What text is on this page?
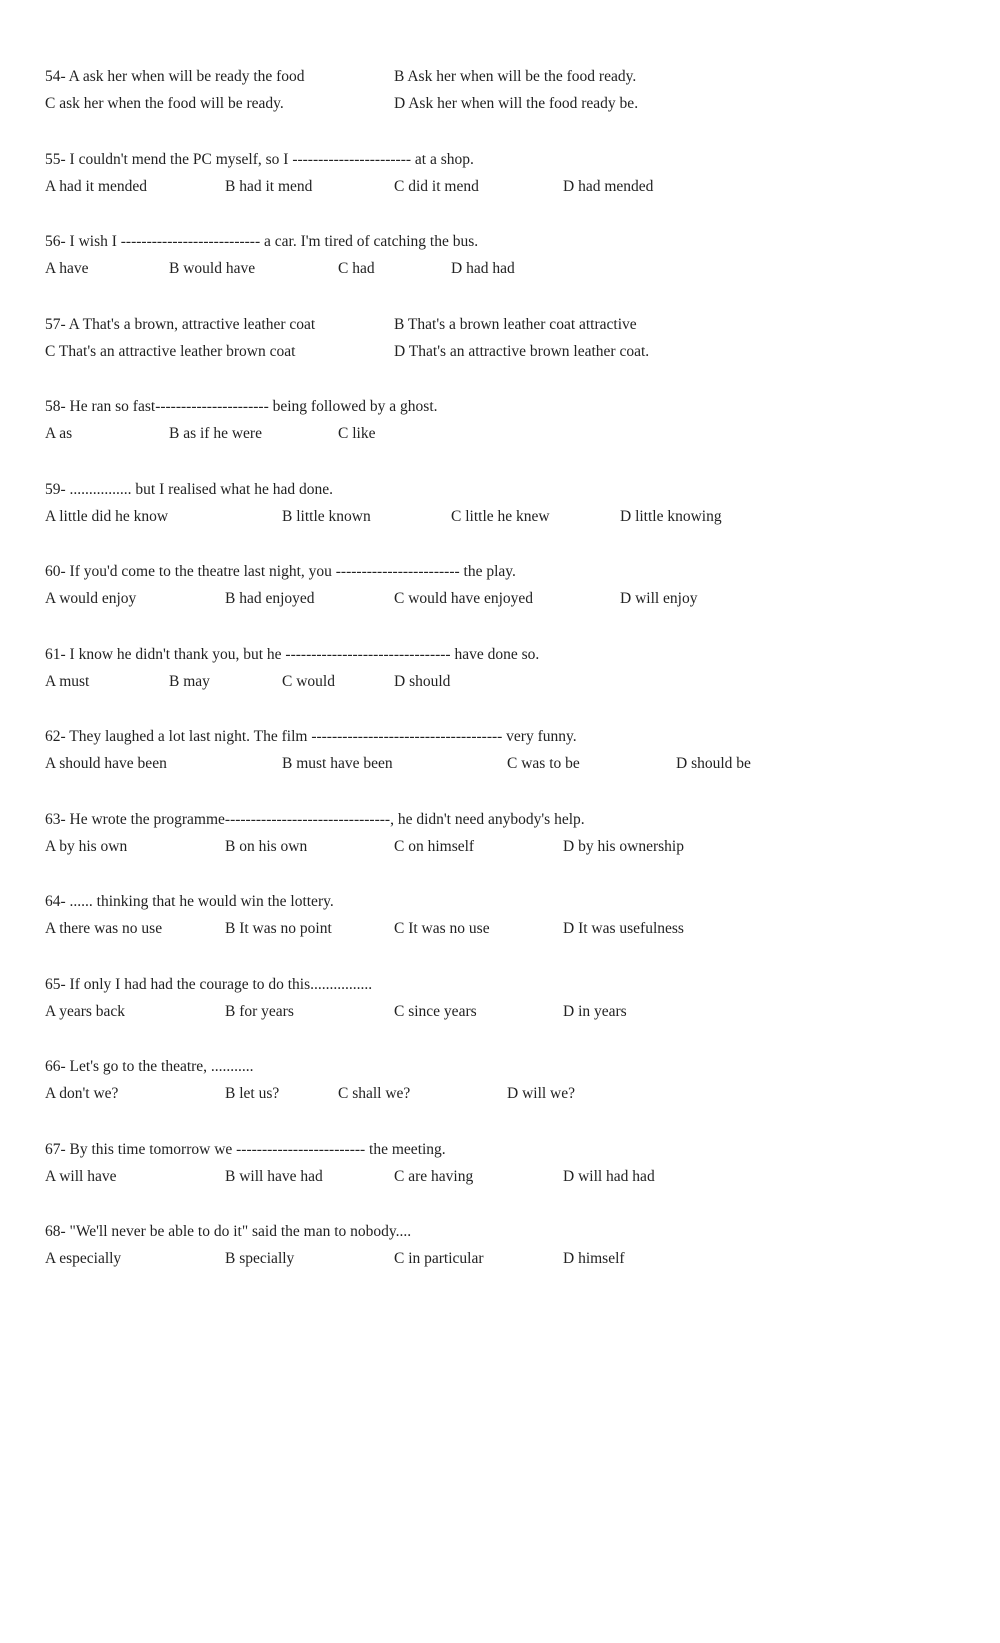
54- A ask her when will be ready the food	B Ask her when will be the food ready.
C ask her when the food will be ready.	D Ask her when will the food ready be.
55- I couldn't mend the PC myself, so I ----------------------- at a shop.
A had it mended	B had it mend	C did it mend	D had mended
56- I wish I --------------------------- a car. I'm tired of catching the bus.
A have	B would have	C had	D had had
57- A That's a brown, attractive leather coat	B That's a brown leather coat attractive
C That's an attractive leather brown coat	D That's an attractive brown leather coat.
58- He ran so fast---------------------- being followed by a ghost.
A as	B as if he were	C like
59- ................ but I realised what he had done.
A little did he know	B little known	C little he knew	D little knowing
60- If you'd come to the theatre last night, you ------------------------ the play.
A would enjoy	B had enjoyed	C would have enjoyed	D will enjoy
61- I know he didn't thank you, but he -------------------------------- have done so.
A must	B may	C would	D should
62- They laughed a lot last night. The film ------------------------------------- very funny.
A should have been	B must have been	C was to be	D should be
63- He wrote the programme--------------------------------, he didn't need anybody's help.
A by his own	B on his own	C on himself	D by his ownership
64- ...... thinking that he would win the lottery.
A there was no use	B It was no point	C It was no use	D It was usefulness
65- If only I had had the courage to do this................
A years back	B for years	C since years	D in years
66- Let's go to the theatre, ...........
A don't we?	B let us?	C shall we?	D will we?
67- By this time tomorrow we ------------------------- the meeting.
A will have	B will have had	C are having	D will had had
68- "We'll never be able to do it" said the man to nobody....
A especially	B specially	C in particular	D himself
